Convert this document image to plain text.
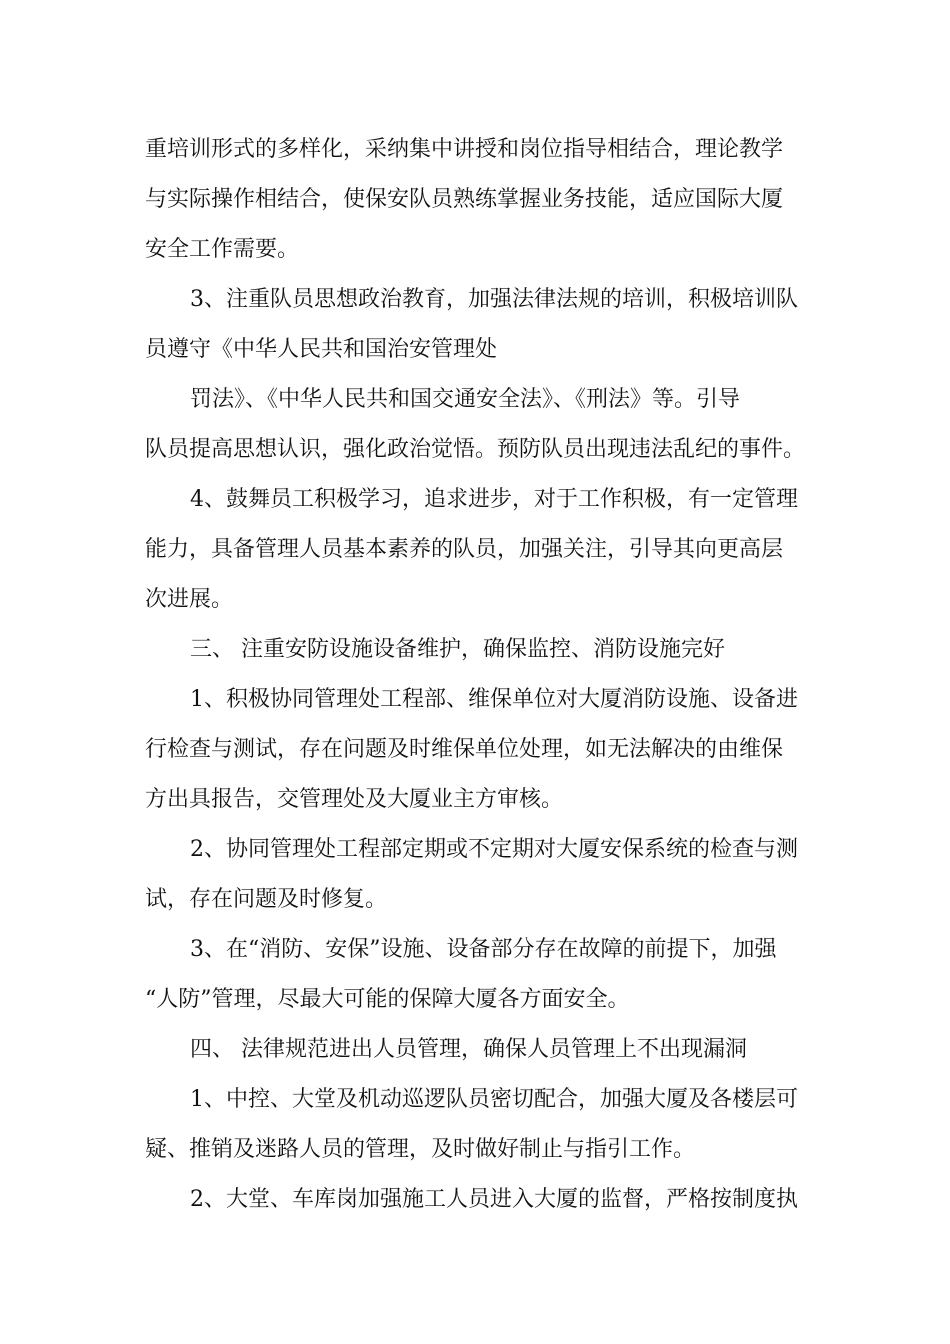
重培训形式的多样化，采纳集中讲授和岗位指导相结合，理论教学
与实际操作相结合，使保安队员熟练掌握业务技能，适应国际大厦
安全工作需要。
3、注重队员思想政治教育，加强法律法规的培训，积极培训队
员遵守《中华人民共和国治安管理处
罚法》、《中华人民共和国交通安全法》、《刑法》等。引导
队员提高思想认识，强化政治觉悟。预防队员出现违法乱纪的事件。
4、鼓舞员工积极学习，追求进步，对于工作积极，有一定管理
能力，具备管理人员基本素养的队员，加强关注，引导其向更高层
次进展。
三、 注重安防设施设备维护，确保监控、消防设施完好
1、积极协同管理处工程部、维保单位对大厦消防设施、设备进
行检查与测试，存在问题及时维保单位处理，如无法解决的由维保
方出具报告，交管理处及大厦业主方审核。
2、协同管理处工程部定期或不定期对大厦安保系统的检查与测
试，存在问题及时修复。
3、在“消防、安保”设施、设备部分存在故障的前提下，加强
“人防”管理，尽最大可能的保障大厦各方面安全。
四、 法律规范进出人员管理，确保人员管理上不出现漏洞
1、中控、大堂及机动巡逻队员密切配合，加强大厦及各楼层可
疑、推销及迷路人员的管理，及时做好制止与指引工作。
2、大堂、车库岗加强施工人员进入大厦的监督，严格按制度执
